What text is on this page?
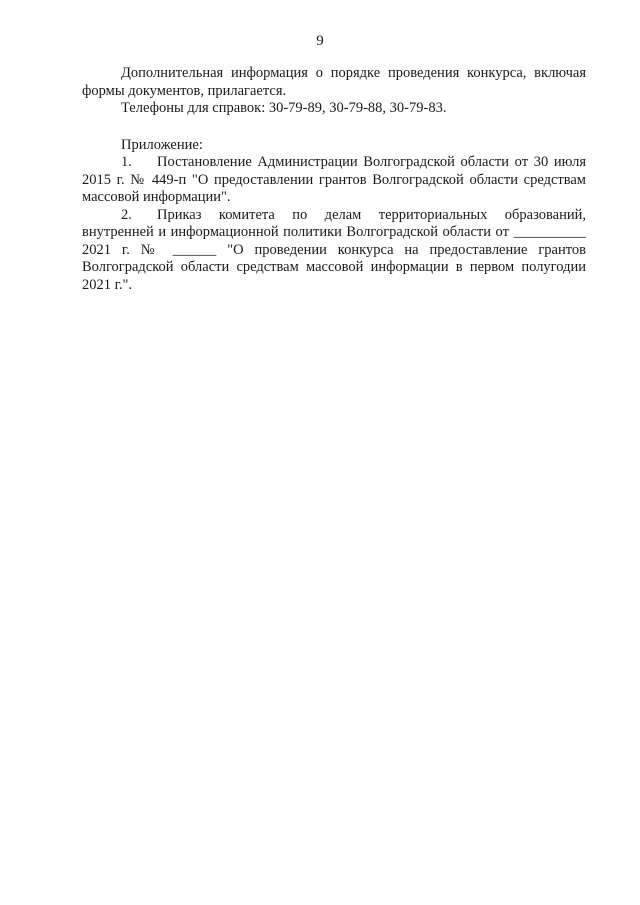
9

Дополнительная информация о порядке проведения конкурса, включая формы документов, прилагается.

Телефоны для справок: 30-79-89, 30-79-88, 30-79-83.

Приложение:

1. Постановление Администрации Волгоградской области от 30 июля 2015 г. № 449-п "О предоставлении грантов Волгоградской области средствам массовой информации".

2. Приказ комитета по делам территориальных образований, внутренней и информационной политики Волгоградской области от __________ 2021 г. № ______ "О проведении конкурса на предоставление грантов Волгоградской области средствам массовой информации в первом полугодии 2021 г.".
